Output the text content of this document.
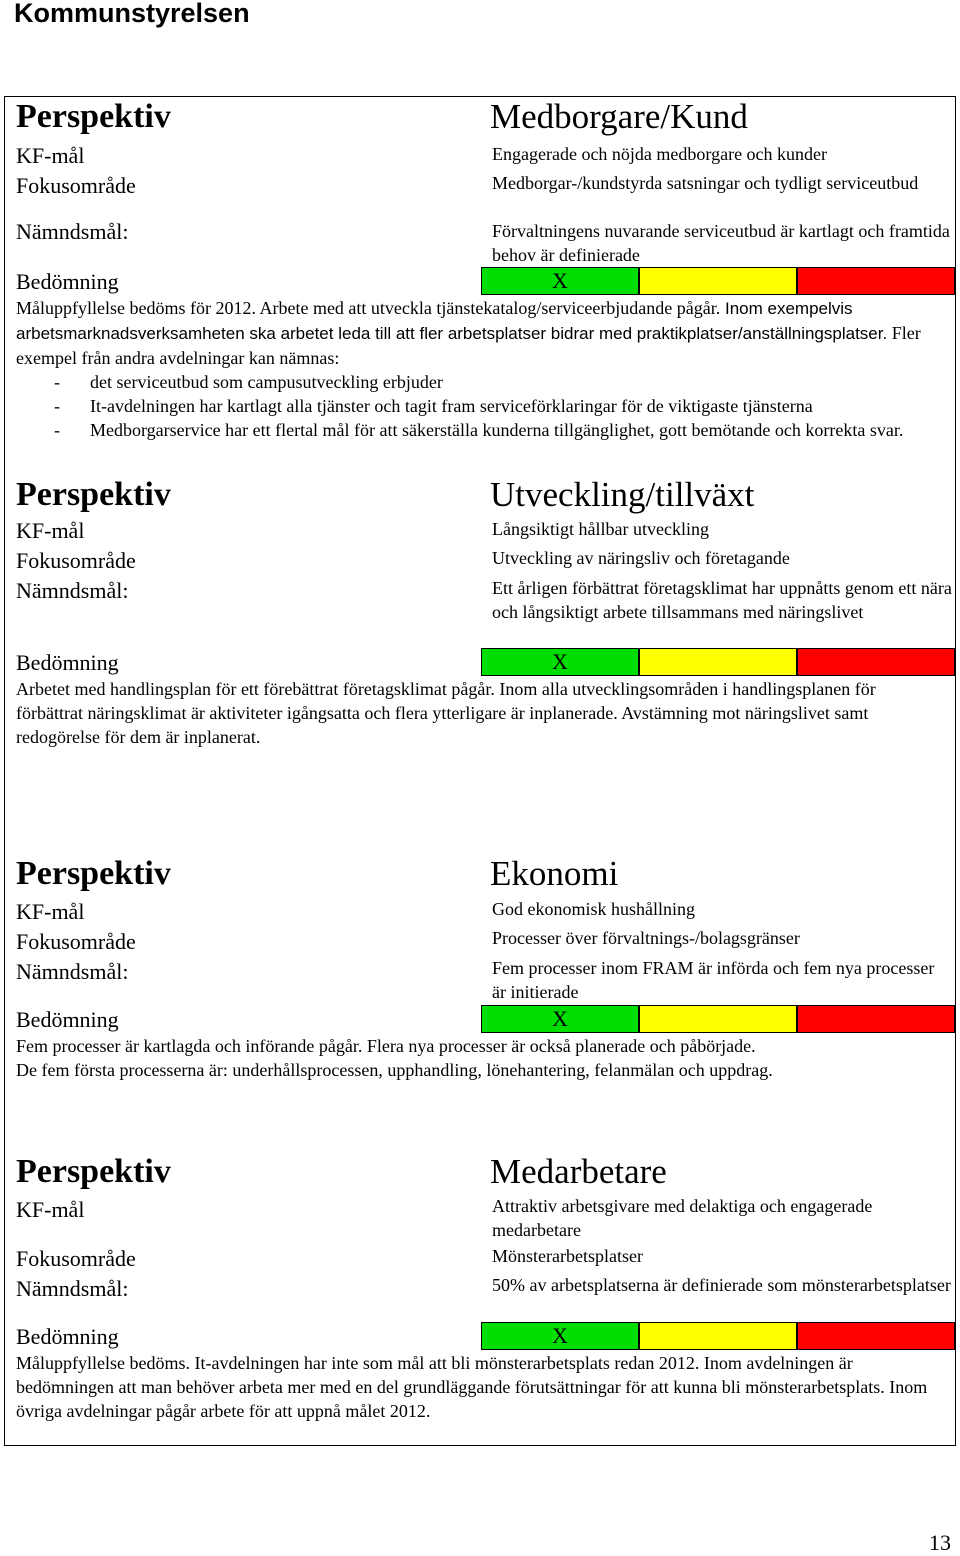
Kommunstyrelsen
Perspektiv	Medborgare/Kund
KF-mål	Engagerade och nöjda medborgare och kunder
Fokusområde	Medborgar-/kundstyrda satsningar och tydligt serviceutbud
Nämndsmål:	Förvaltningens nuvarande serviceutbud är kartlagt och framtida behov är definierade
Bedömning	X
Måluppfyllelse bedöms för 2012. Arbete med att utveckla tjänstekatalog/serviceerbjudande pågår. Inom exempelvis arbetsmarknadsverksamheten ska arbetet leda till att fler arbetsplatser bidrar med praktikplatser/anställningsplatser. Fler exempel från andra avdelningar kan nämnas:
- det serviceutbud som campusutveckling erbjuder
- It-avdelningen har kartlagt alla tjänster och tagit fram serviceförklaringar för de viktigaste tjänsterna
- Medborgarservice har ett flertal mål för att säkerställa kunderna tillgänglighet, gott bemötande och korrekta svar.
Perspektiv	Utveckling/tillväxt
KF-mål	Långsiktigt hållbar utveckling
Fokusområde	Utveckling av näringsliv och företagande
Nämndsmål:	Ett årligen förbättrat företagsklimat har uppnåtts genom ett nära och långsiktigt arbete tillsammans med näringslivet
Bedömning	X
Arbetet med handlingsplan för ett förebättrat företagsklimat pågår. Inom alla utvecklingsområden i handlingsplanen för förbättrat näringsklimat är aktiviteter igångsatta och flera ytterligare är inplanerade. Avstämning mot näringslivet samt redogörelse för dem är inplanerat.
Perspektiv	Ekonomi
KF-mål	God ekonomisk hushållning
Fokusområde	Processer över förvaltnings-/bolagsgränser
Nämndsmål:	Fem processer inom FRAM är införda och fem nya processer är initierade
Bedömning	X
Fem processer är kartlagda och införande pågår. Flera nya processer är också planerade och påbörjade.
De fem första processerna är: underhållsprocessen, upphandling, lönehantering, felanmälan och uppdrag.
Perspektiv	Medarbetare
KF-mål	Attraktiv arbetsgivare med delaktiga och engagerade medarbetare
Fokusområde	Mönsterarbetsplatser
Nämndsmål:	50% av arbetsplatserna är definierade som mönsterarbetsplatser
Bedömning	X
Måluppfyllelse bedöms. It-avdelningen har inte som mål att bli mönsterarbetsplats redan 2012. Inom avdelningen är bedömningen att man behöver arbeta mer med en del grundläggande förutsättningar för att kunna bli mönsterarbetsplats. Inom övriga avdelningar pågår arbete för att uppnå målet 2012.
13
